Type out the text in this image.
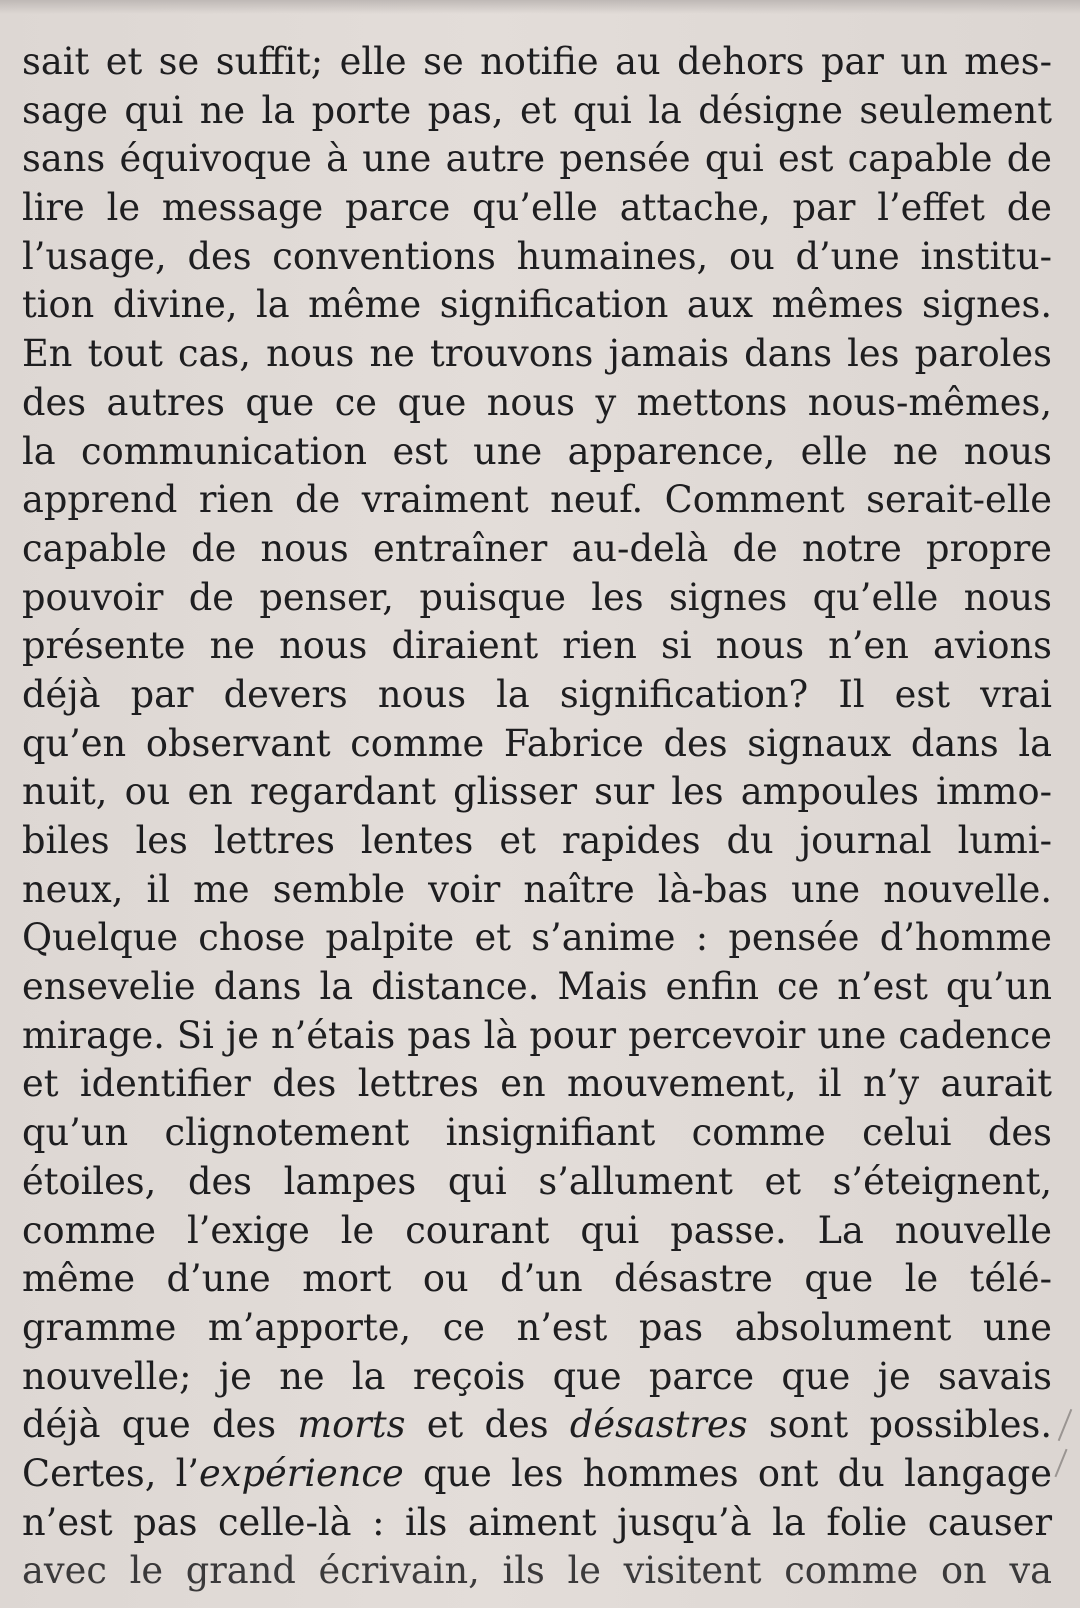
sait et se suffit; elle se notifie au dehors par un mes-
sage qui ne la porte pas, et qui la désigne seulement
sans équivoque à une autre pensée qui est capable de
lire le message parce qu’elle attache, par l’effet de
l’usage, des conventions humaines, ou d’une institu-
tion divine, la même signification aux mêmes signes.
En tout cas, nous ne trouvons jamais dans les paroles
des autres que ce que nous y mettons nous-mêmes,
la communication est une apparence, elle ne nous
apprend rien de vraiment neuf. Comment serait-elle
capable de nous entraîner au-delà de notre propre
pouvoir de penser, puisque les signes qu’elle nous
présente ne nous diraient rien si nous n’en avions
déjà par devers nous la signification? Il est vrai
qu’en observant comme Fabrice des signaux dans la
nuit, ou en regardant glisser sur les ampoules immo-
biles les lettres lentes et rapides du journal lumi-
neux, il me semble voir naître là-bas une nouvelle.
Quelque chose palpite et s’anime : pensée d’homme
ensevelie dans la distance. Mais enfin ce n’est qu’un
mirage. Si je n’étais pas là pour percevoir une cadence
et identifier des lettres en mouvement, il n’y aurait
qu’un clignotement insignifiant comme celui des
étoiles, des lampes qui s’allument et s’éteignent,
comme l’exige le courant qui passe. La nouvelle
même d’une mort ou d’un désastre que le télé-
gramme m’apporte, ce n’est pas absolument une
nouvelle; je ne la reçois que parce que je savais
déjà que des morts et des désastres sont possibles.
Certes, l’expérience que les hommes ont du langage
n’est pas celle-là : ils aiment jusqu’à la folie causer
avec le grand écrivain, ils le visitent comme on va
